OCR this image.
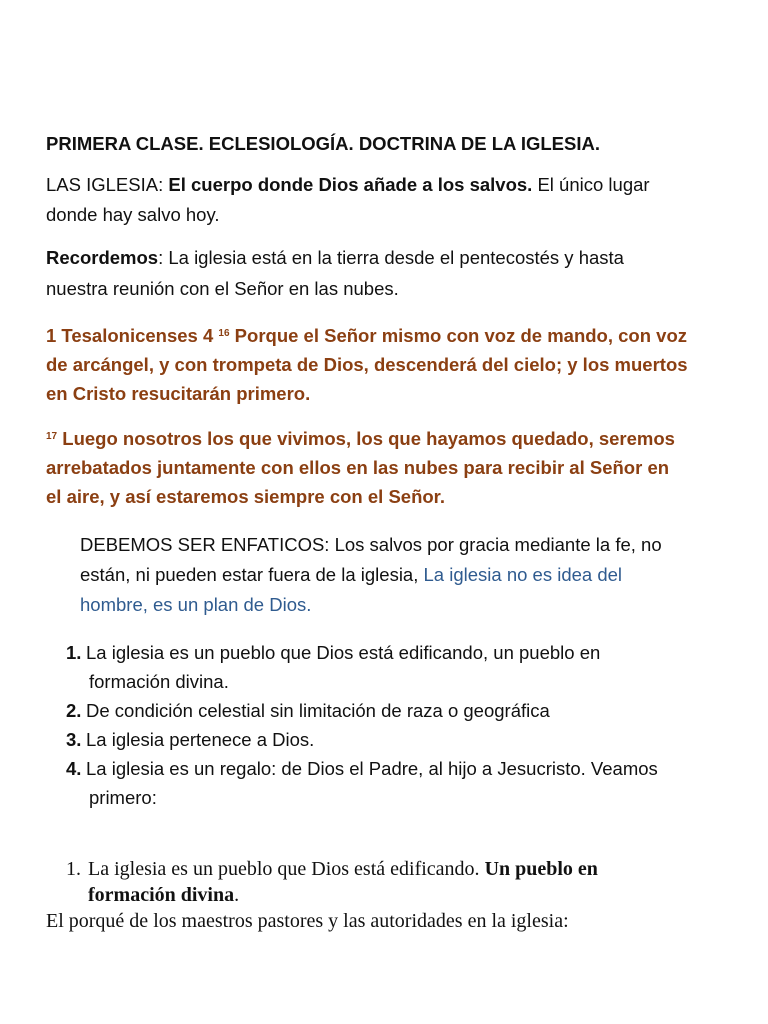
PRIMERA CLASE. ECLESIOLOGÍA. DOCTRINA DE LA IGLESIA.

LAS IGLESIA: El cuerpo donde Dios añade a los salvos. El único lugar

donde hay salvo hoy.

Recordemos: La iglesia está en la tierra desde el pentecostés y hasta

nuestra reunión con el Señor en las nubes.

1 Tesalonicenses 4 $^{16}$ Porque el Señor mismo con voz de mando, con voz

de arcángel, y con trompeta de Dios, descenderá del cielo; y los muertos

en Cristo resucitarán primero.

$^{17}$ Luego nosotros los que vivimos, los que hayamos quedado, seremos

arrebatados juntamente con ellos en las nubes para recibir al Señor en

el aire, y así estaremos siempre con el Señor.

DEBEMOS SER ENFATICOS: Los salvos por gracia mediante la fe, no

están, ni pueden estar fuera de la iglesia, La iglesia no es idea del

hombre, es un plan de Dios.

1. La iglesia es un pueblo que Dios está edificando, un pueblo en

formación divina.

2. De condición celestial sin limitación de raza o geográfica

3. La iglesia pertenece a Dios.

4. La iglesia es un regalo: de Dios el Padre, al hijo a Jesucristo. Veamos

primero:

1. La iglesia es un pueblo que Dios está edificando. Un pueblo en

formación divina.

El porqué de los maestros pastores y las autoridades en la iglesia:
